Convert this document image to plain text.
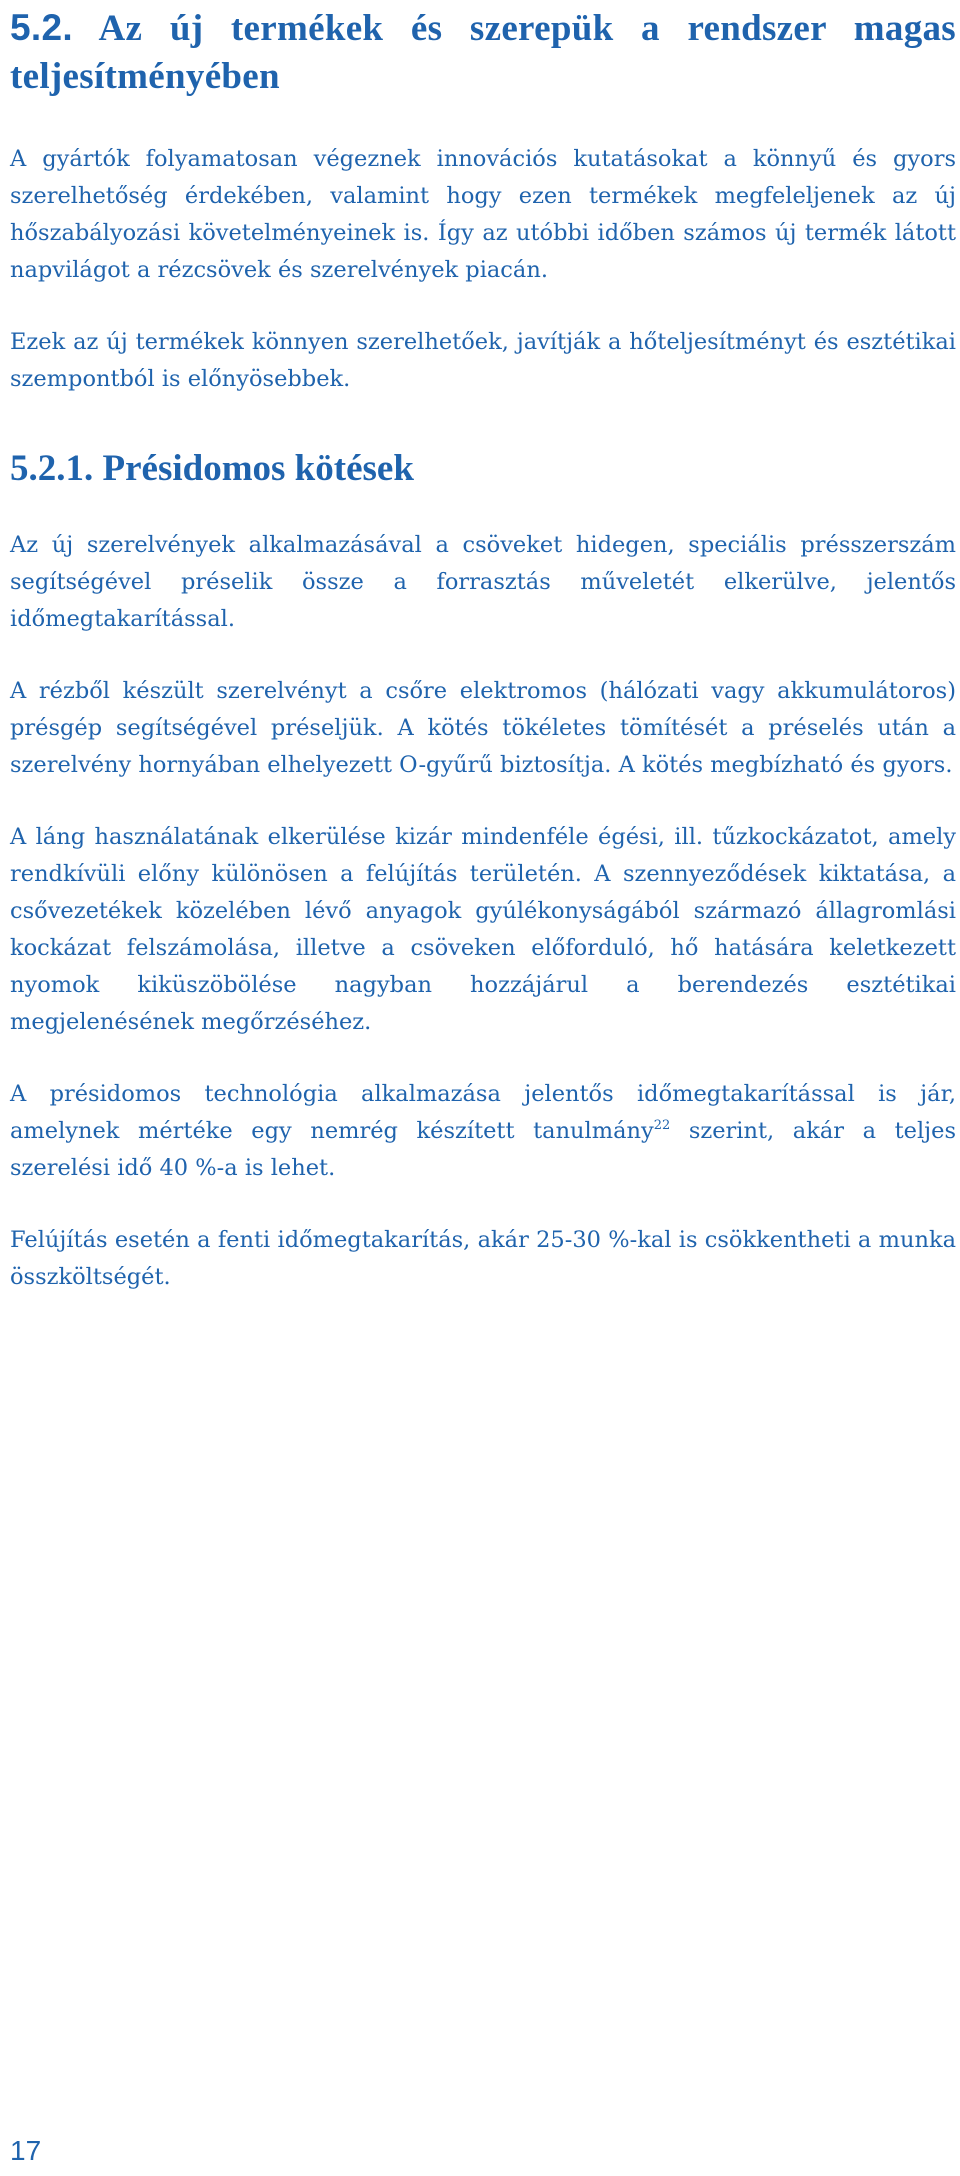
5.2. Az új termékek és szerepük a rendszer magas teljesítményében

A gyártók folyamatosan végeznek innovációs kutatásokat a könnyű és gyors szerelhetőség érdekében, valamint hogy ezen termékek megfeleljenek az új hőszabályozási követelményeinek is. Így az utóbbi időben számos új termék látott napvilágot a rézcsövek és szerelvények piacán.

Ezek az új termékek könnyen szerelhetőek, javítják a hőteljesítményt és esztétikai szempontból is előnyösebbek.

5.2.1. Présidomos kötések

Az új szerelvények alkalmazásával a csöveket hidegen, speciális présszerszám segítségével préselik össze a forrasztás műveletét elkerülve, jelentős időmegtakarítással.

A rézből készült szerelvényt a csőre elektromos (hálózati vagy akkumulátoros) présgép segítségével préseljük. A kötés tökéletes tömítését a préselés után a szerelvény hornyában elhelyezett O-gyűrű biztosítja. A kötés megbízható és gyors.

A láng használatának elkerülése kizár mindenféle égési, ill. tűzkockázatot, amely rendkívüli előny különösen a felújítás területén. A szennyeződések kiktatása, a csővezetékek közelében lévő anyagok gyúlékonyságából származó állagromlási kockázat felszámolása, illetve a csöveken előforduló, hő hatására keletkezett nyomok kiküszöbölése nagyban hozzájárul a berendezés esztétikai megjelenésének megőrzéséhez.

A présidomos technológia alkalmazása jelentős időmegtakarítással is jár, amelynek mértéke egy nemrég készített tanulmány$^{22}$ szerint, akár a teljes szerelési idő 40 %-a is lehet.

Felújítás esetén a fenti időmegtakarítás, akár 25-30 %-kal is csökkentheti a munka összköltségét.

17
